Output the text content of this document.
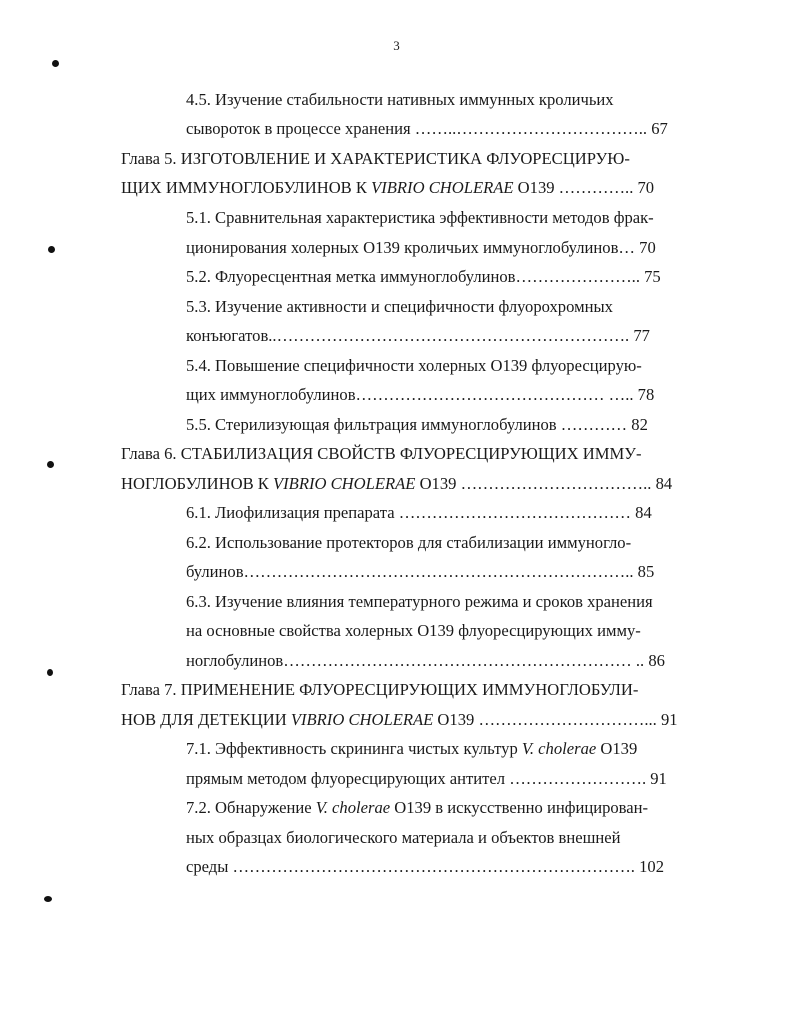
3
4.5. Изучение стабильности нативных иммунных кроличьих
сывороток в процессе хранения ……..…………………………….. 67
Глава 5. ИЗГОТОВЛЕНИЕ И ХАРАКТЕРИСТИКА ФЛУОРЕСЦИРУЮ-
ЩИХ ИММУНОГЛОБУЛИНОВ К VIBRIO CHOLERAE O139 ………….. 70
5.1. Сравнительная характеристика эффективности методов фрак-
ционирования холерных O139 кроличьих иммуноглобулинов… 70
5.2. Флуоресцентная метка иммуноглобулинов………………….. 75
5.3. Изучение активности и специфичности флуорохромных
конъюгатов..………………………………………………………. 77
5.4. Повышение специфичности холерных O139 флуоресцирую-
щих иммуноглобулинов……………………………………… ….. 78
5.5. Стерилизующая фильтрация иммуноглобулинов ………… 82
Глава 6. СТАБИЛИЗАЦИЯ СВОЙСТВ ФЛУОРЕСЦИРУЮЩИХ ИММУ-
НОГЛОБУЛИНОВ К VIBRIO CHOLERAE O139 …………………………….. 84
6.1. Лиофилизация препарата …………………………………… 84
6.2. Использование протекторов для стабилизации иммуногло-
булинов…………………………………………………………….. 85
6.3. Изучение влияния температурного режима и сроков хранения
на основные свойства холерных O139 флуоресцирующих иммy-
ноглобулинов……………………………………………………… .. 86
Глава 7. ПРИМЕНЕНИЕ ФЛУОРЕСЦИРУЮЩИХ ИММУНОГЛОБУЛИ-
НОВ ДЛЯ ДЕТЕКЦИИ VIBRIO CHOLERAE O139 …………………………... 91
7.1. Эффективность скрининга чистых культур V. cholerae O139
прямым методом флуоресцирующих антител ……………………. 91
7.2. Обнаружение V. cholerae O139 в искусственно инфицирован-
ных образцах биологического материала и объектов внешней
среды ………………………………………………………………. 102
